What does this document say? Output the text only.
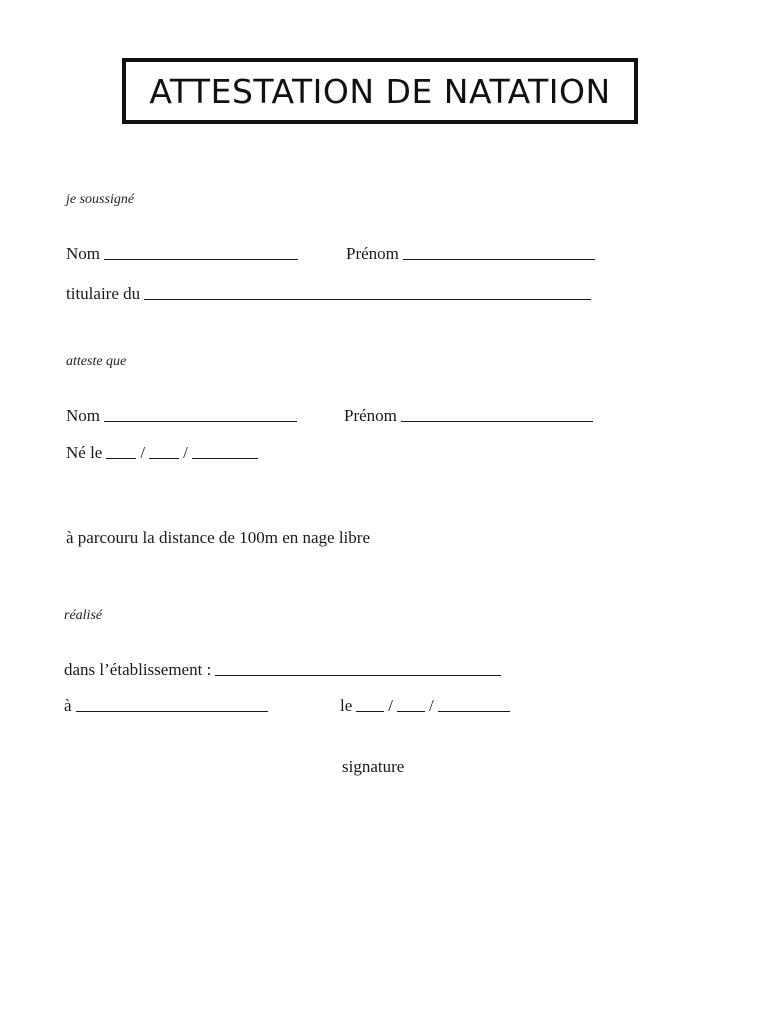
ATTESTATION DE NATATION
je soussigné
Nom	Prénom
titulaire du
atteste que
Nom	Prénom
Né le / /
à parcouru la distance de 100m en nage libre
réalisé
dans l’établissement :
à	le / /
signature
